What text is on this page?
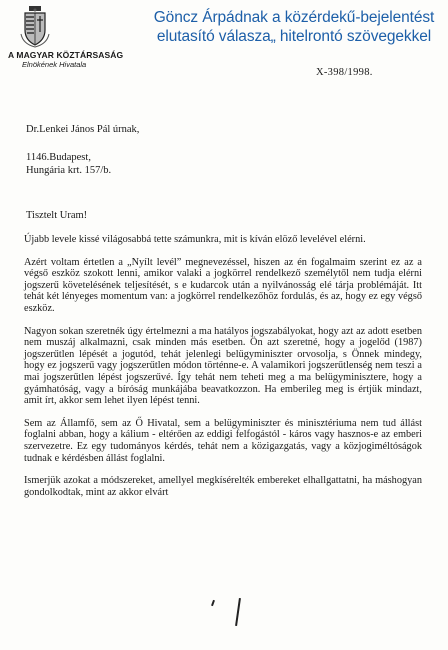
Göncz Árpádnak a közérdekű-bejelentést
elutasító válasza„ hitelrontó szövegekkel
A MAGYAR KÖZTÁRSASÁG
Elnökének Hivatala
X-398/1998.
Dr.Lenkei János Pál úrnak,
1146.Budapest,
Hungária krt. 157/b.
Tisztelt Uram!

Újabb levele kissé világosabbá tette számunkra, mit is kíván elöző levelével elérni.

Azért voltam értetlen a „Nyílt levél” megnevezéssel, hiszen az én fogalmaim szerint ez az a végső eszköz szokott lenni, amikor valaki a jogkörrel rendelkező személytől nem tudja elérni jogszerű követelésének teljesítését, s e kudarcok után a nyilvánosság elé tárja problémáját. Itt tehát két lényeges momentum van: a jogkörrel rendelkezőhöz fordulás, és az, hogy ez egy végső eszköz.

Nagyon sokan szeretnék úgy értelmezni a ma hatályos jogszabályokat, hogy azt az adott esetben nem muszáj alkalmazni, csak minden más esetben. Ön azt szeretné, hogy a jogelőd (1987) jogszerűtlen lépését a jogutód, tehát jelenlegi belügyminiszter orvosolja, s Önnek mindegy, hogy ez jogszerű vagy jogszerűtlen módon történne-e. A valamikori jogszerűtlenség nem teszi a mai jogszerűtlen lépést jogszerűvé. Így tehát nem teheti meg a ma belügyminisztere, hogy a gyámhatóság, vagy a bíróság munkájába beavatkozzon. Ha emberileg meg is értjük mindazt, amit írt, akkor sem lehet ilyen lépést tenni.

Sem az Államfő, sem az Ő Hivatal, sem a belügyminiszter és minisztériuma nem tud állást foglalni abban, hogy a kálium - eltérően az eddigi felfogástól - káros vagy hasznos-e az emberi szervezetre. Ez egy tudományos kérdés, tehát nem a közigazgatás, vagy a közjogiméltóságok tudnak e kérdésben állást foglalni.

Ismerjük azokat a módszereket, amellyel megkísérelték embereket elhallgattatni, ha máshogyan gondolkodtak, mint az akkor elvárt
